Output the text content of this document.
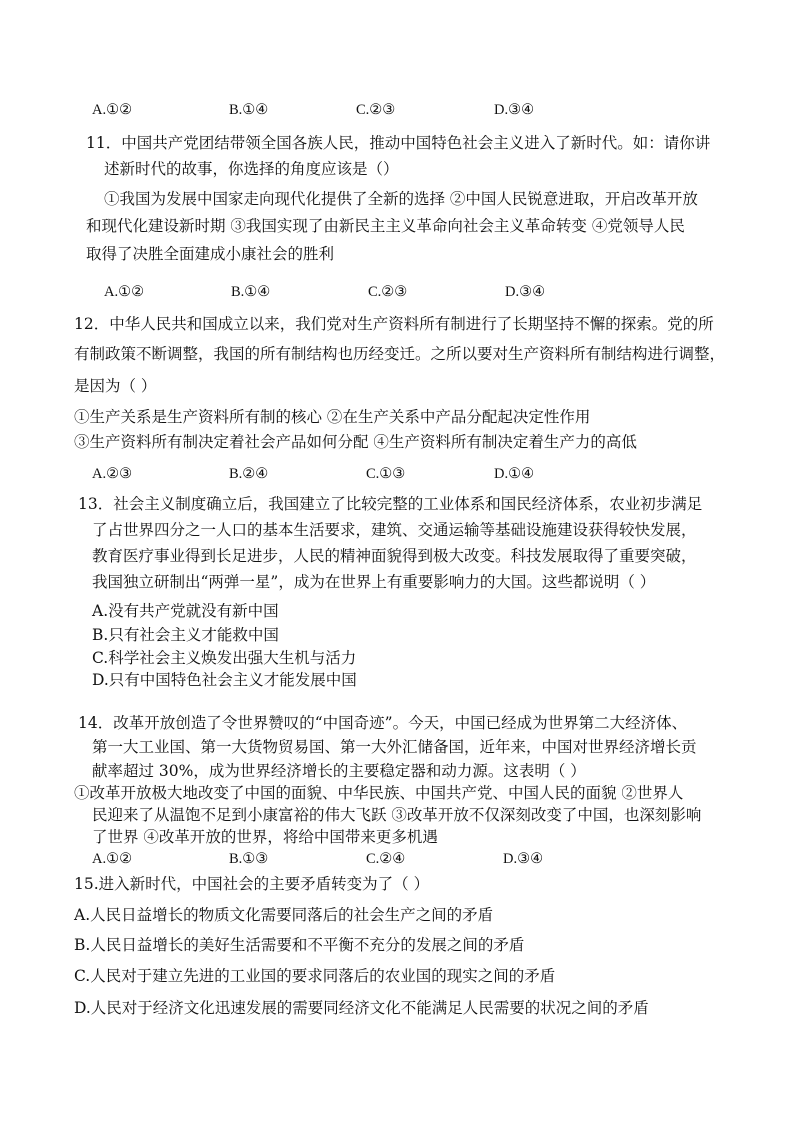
A.①②	B.①④	C.②③	D.③④
11．中国共产党团结带领全国各族人民，推动中国特色社会主义进入了新时代。如：请你讲
述新时代的故事，你选择的角度应该是（）
①我国为发展中国家走向现代化提供了全新的选择 ②中国人民锐意进取，开启改革开放
和现代化建设新时期 ③我国实现了由新民主主义革命向社会主义革命转变 ④党领导人民
取得了决胜全面建成小康社会的胜利
A.①②	B.①④	C.②③	D.③④
12．中华人民共和国成立以来，我们党对生产资料所有制进行了长期坚持不懈的探索。党的所
有制政策不断调整，我国的所有制结构也历经变迁。之所以要对生产资料所有制结构进行调整，
是因为（ ）
①生产关系是生产资料所有制的核心 ②在生产关系中产品分配起决定性作用
③生产资料所有制决定着社会产品如何分配 ④生产资料所有制决定着生产力的高低
A.②③	B.②④	C.①③	D.①④
13．社会主义制度确立后，我国建立了比较完整的工业体系和国民经济体系，农业初步满足
了占世界四分之一人口的基本生活要求，建筑、交通运输等基础设施建设获得较快发展，
教育医疗事业得到长足进步，人民的精神面貌得到极大改变。科技发展取得了重要突破，
我国独立研制出“两弹一星”，成为在世界上有重要影响力的大国。这些都说明（ ）
A.没有共产党就没有新中国
B.只有社会主义才能救中国
C.科学社会主义焕发出强大生机与活力
D.只有中国特色社会主义才能发展中国
14．改革开放创造了令世界赞叹的“中国奇迹”。今天，中国已经成为世界第二大经济体、
第一大工业国、第一大货物贸易国、第一大外汇储备国，近年来，中国对世界经济增长贡
献率超过 30%，成为世界经济增长的主要稳定器和动力源。这表明（ ）
①改革开放极大地改变了中国的面貌、中华民族、中国共产党、中国人民的面貌 ②世界人
民迎来了从温饱不足到小康富裕的伟大飞跃 ③改革开放不仅深刻改变了中国，也深刻影响
了世界 ④改革开放的世界，将给中国带来更多机遇
A.①②	B.①③	C.②④	D.③④
15.进入新时代，中国社会的主要矛盾转变为了（ ）
A.人民日益增长的物质文化需要同落后的社会生产之间的矛盾
B.人民日益增长的美好生活需要和不平衡不充分的发展之间的矛盾
C.人民对于建立先进的工业国的要求同落后的农业国的现实之间的矛盾
D.人民对于经济文化迅速发展的需要同经济文化不能满足人民需要的状况之间的矛盾
